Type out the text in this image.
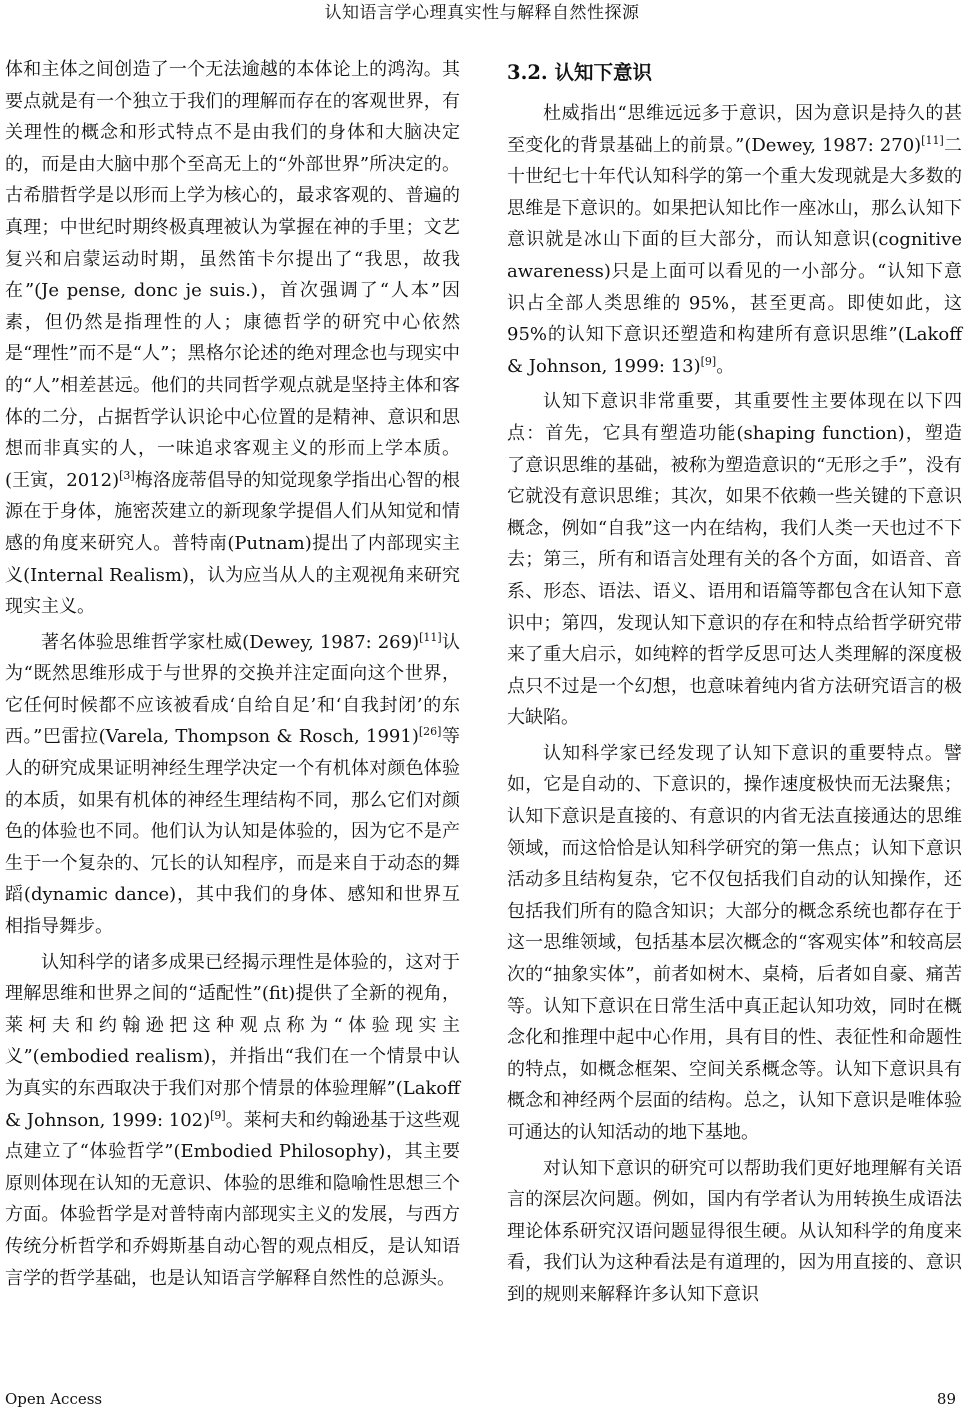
认知语言学心理真实性与解释自然性探源

体和主体之间创造了一个无法逾越的本体论上的鸿沟。其要点就是有一个独立于我们的理解而存在的客观世界，有关理性的概念和形式特点不是由我们的身体和大脑决定的，而是由大脑中那个至高无上的“外部世界”所决定的。古希腊哲学是以形而上学为核心的，最求客观的、普遍的真理；中世纪时期终极真理被认为掌握在神的手里；文艺复兴和启蒙运动时期，虽然笛卡尔提出了“我思，故我在”(Je pense, donc je suis.)，首次强调了“人本”因素，但仍然是指理性的人；康德哲学的研究中心依然是“理性”而不是“人”；黑格尔论述的绝对理念也与现实中的“人”相差甚远。他们的共同哲学观点就是坚持主体和客体的二分，占据哲学认识论中心位置的是精神、意识和思想而非真实的人，一味追求客观主义的形而上学本质。(王寅，2012)[3]梅洛庞蒂倡导的知觉现象学指出心智的根源在于身体，施密茨建立的新现象学提倡人们从知觉和情感的角度来研究人。普特南(Putnam)提出了内部现实主义(Internal Realism)，认为应当从人的主观视角来研究现实主义。

著名体验思维哲学家杜威(Dewey, 1987: 269)[11]认为“既然思维形成于与世界的交换并注定面向这个世界，它任何时候都不应该被看成‘自给自足’和‘自我封闭’的东西。”巴雷拉(Varela, Thompson & Rosch, 1991)[26]等人的研究成果证明神经生理学决定一个有机体对颜色体验的本质，如果有机体的神经生理结构不同，那么它们对颜色的体验也不同。他们认为认知是体验的，因为它不是产生于一个复杂的、冗长的认知程序，而是来自于动态的舞蹈(dynamic dance)，其中我们的身体、感知和世界互相指导舞步。

认知科学的诸多成果已经揭示理性是体验的，这对于理解思维和世界之间的“适配性”(fit)提供了全新的视角，莱柯夫和约翰逊把这种观点称为“体验现实主义”(embodied realism)，并指出“我们在一个情景中认为真实的东西取决于我们对那个情景的体验理解”(Lakoff & Johnson, 1999: 102)[9]。莱柯夫和约翰逊基于这些观点建立了“体验哲学”(Embodied Philosophy)，其主要原则体现在认知的无意识、体验的思维和隐喻性思想三个方面。体验哲学是对普特南内部现实主义的发展，与西方传统分析哲学和乔姆斯基自动心智的观点相反，是认知语言学的哲学基础，也是认知语言学解释自然性的总源头。

3.2. 认知下意识

杜威指出“思维远远多于意识，因为意识是持久的甚至变化的背景基础上的前景。”(Dewey, 1987: 270)[11]二十世纪七十年代认知科学的第一个重大发现就是大多数的思维是下意识的。如果把认知比作一座冰山，那么认知下意识就是冰山下面的巨大部分，而认知意识(cognitive awareness)只是上面可以看见的一小部分。“认知下意识占全部人类思维的 95%，甚至更高。即使如此，这 95%的认知下意识还塑造和构建所有意识思维”(Lakoff & Johnson, 1999: 13)[9]。

认知下意识非常重要，其重要性主要体现在以下四点：首先，它具有塑造功能(shaping function)，塑造了意识思维的基础，被称为塑造意识的“无形之手”，没有它就没有意识思维；其次，如果不依赖一些关键的下意识概念，例如“自我”这一内在结构，我们人类一天也过不下去；第三，所有和语言处理有关的各个方面，如语音、音系、形态、语法、语义、语用和语篇等都包含在认知下意识中；第四，发现认知下意识的存在和特点给哲学研究带来了重大启示，如纯粹的哲学反思可达人类理解的深度极点只不过是一个幻想，也意味着纯内省方法研究语言的极大缺陷。

认知科学家已经发现了认知下意识的重要特点。譬如，它是自动的、下意识的，操作速度极快而无法聚焦；认知下意识是直接的、有意识的内省无法直接通达的思维领域，而这恰恰是认知科学研究的第一焦点；认知下意识活动多且结构复杂，它不仅包括我们自动的认知操作，还包括我们所有的隐含知识；大部分的概念系统也都存在于这一思维领域，包括基本层次概念的“客观实体”和较高层次的“抽象实体”，前者如树木、桌椅，后者如自豪、痛苦等。认知下意识在日常生活中真正起认知功效，同时在概念化和推理中起中心作用，具有目的性、表征性和命题性的特点，如概念框架、空间关系概念等。认知下意识具有概念和神经两个层面的结构。总之，认知下意识是唯体验可通达的认知活动的地下基地。

对认知下意识的研究可以帮助我们更好地理解有关语言的深层次问题。例如，国内有学者认为用转换生成语法理论体系研究汉语问题显得很生硬。从认知科学的角度来看，我们认为这种看法是有道理的，因为用直接的、意识到的规则来解释许多认知下意识

Open Access	89
